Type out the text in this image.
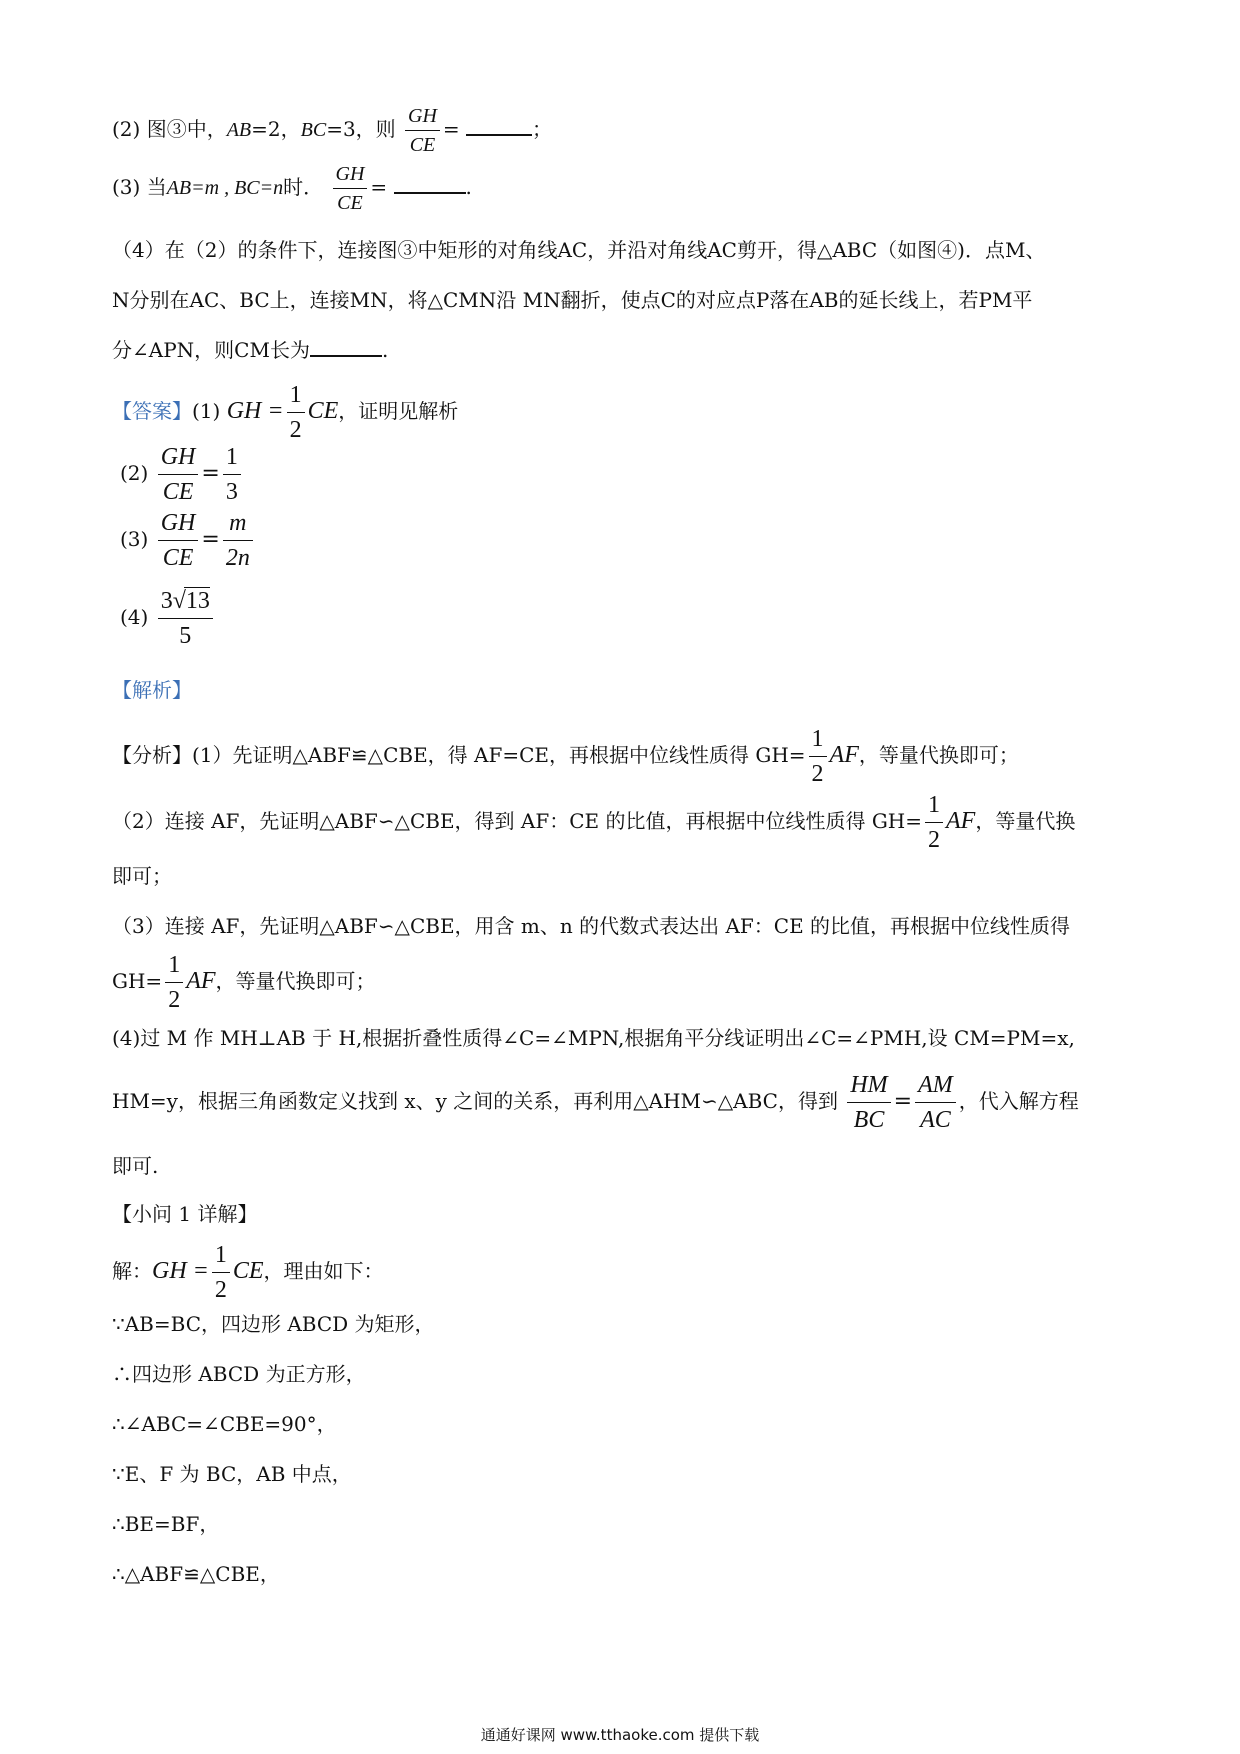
(2) 图③中，AB=2，BC=3，则 $\frac{GH}{CE}$ =	；
(3) 当AB=m , BC=n时． $\frac{GH}{CE}$ =	.
（4）在（2）的条件下，连接图③中矩形的对角线AC，并沿对角线AC剪开，得△ABC（如图④)．点M、
N分别在AC、BC上，连接MN，将△CMN沿 MN翻折，使点C的对应点P落在AB的延长线上，若PM平
分∠APN，则CM长为	.
【答案】(1) GH = $\frac{1}{2}$ CE，证明见解析
$(2) \frac{GH}{CE} = \frac{1}{3}$
$(3) \frac{GH}{CE} = \frac{m}{2n}$
$(4) \frac{3√13}{5}$
【解析】
【分析】(1）先证明△ABF≌△CBE，得 AF=CE，再根据中位线性质得 $GH= \frac{1}{2}$ AF，等量代换即可；
（2）连接 AF，先证明△ABF∽△CBE，得到 AF：CE 的比值，再根据中位线性质得 $GH= \frac{1}{2}$ AF，等量代换
即可；
（3）连接 AF，先证明△ABF∽△CBE，用含 m、n 的代数式表达出 AF：CE 的比值，再根据中位线性质得
$GH= \frac{1}{2}$ AF，等量代换即可；
(4)过 M 作 MH⊥AB 于 H,根据折叠性质得∠C=∠MPN,根据角平分线证明出∠C=∠PMH,设 CM=PM=x,
HM=y，根据三角函数定义找到 x、y 之间的关系，再利用△AHM∽△ABC，得到 $\frac{HM}{BC} = \frac{AM}{AC}$ ，代入解方程
即可.
【小问 1 详解】
解：GH = $\frac{1}{2}$ CE，理由如下：
∵AB=BC，四边形 ABCD 为矩形，
∴四边形 ABCD 为正方形，
∴∠ABC=∠CBE=90°，
∵E、F 为 BC，AB 中点，
∴BE=BF，
∴△ABF≌△CBE，
通通好课网 www.tthaoke.com 提供下载
